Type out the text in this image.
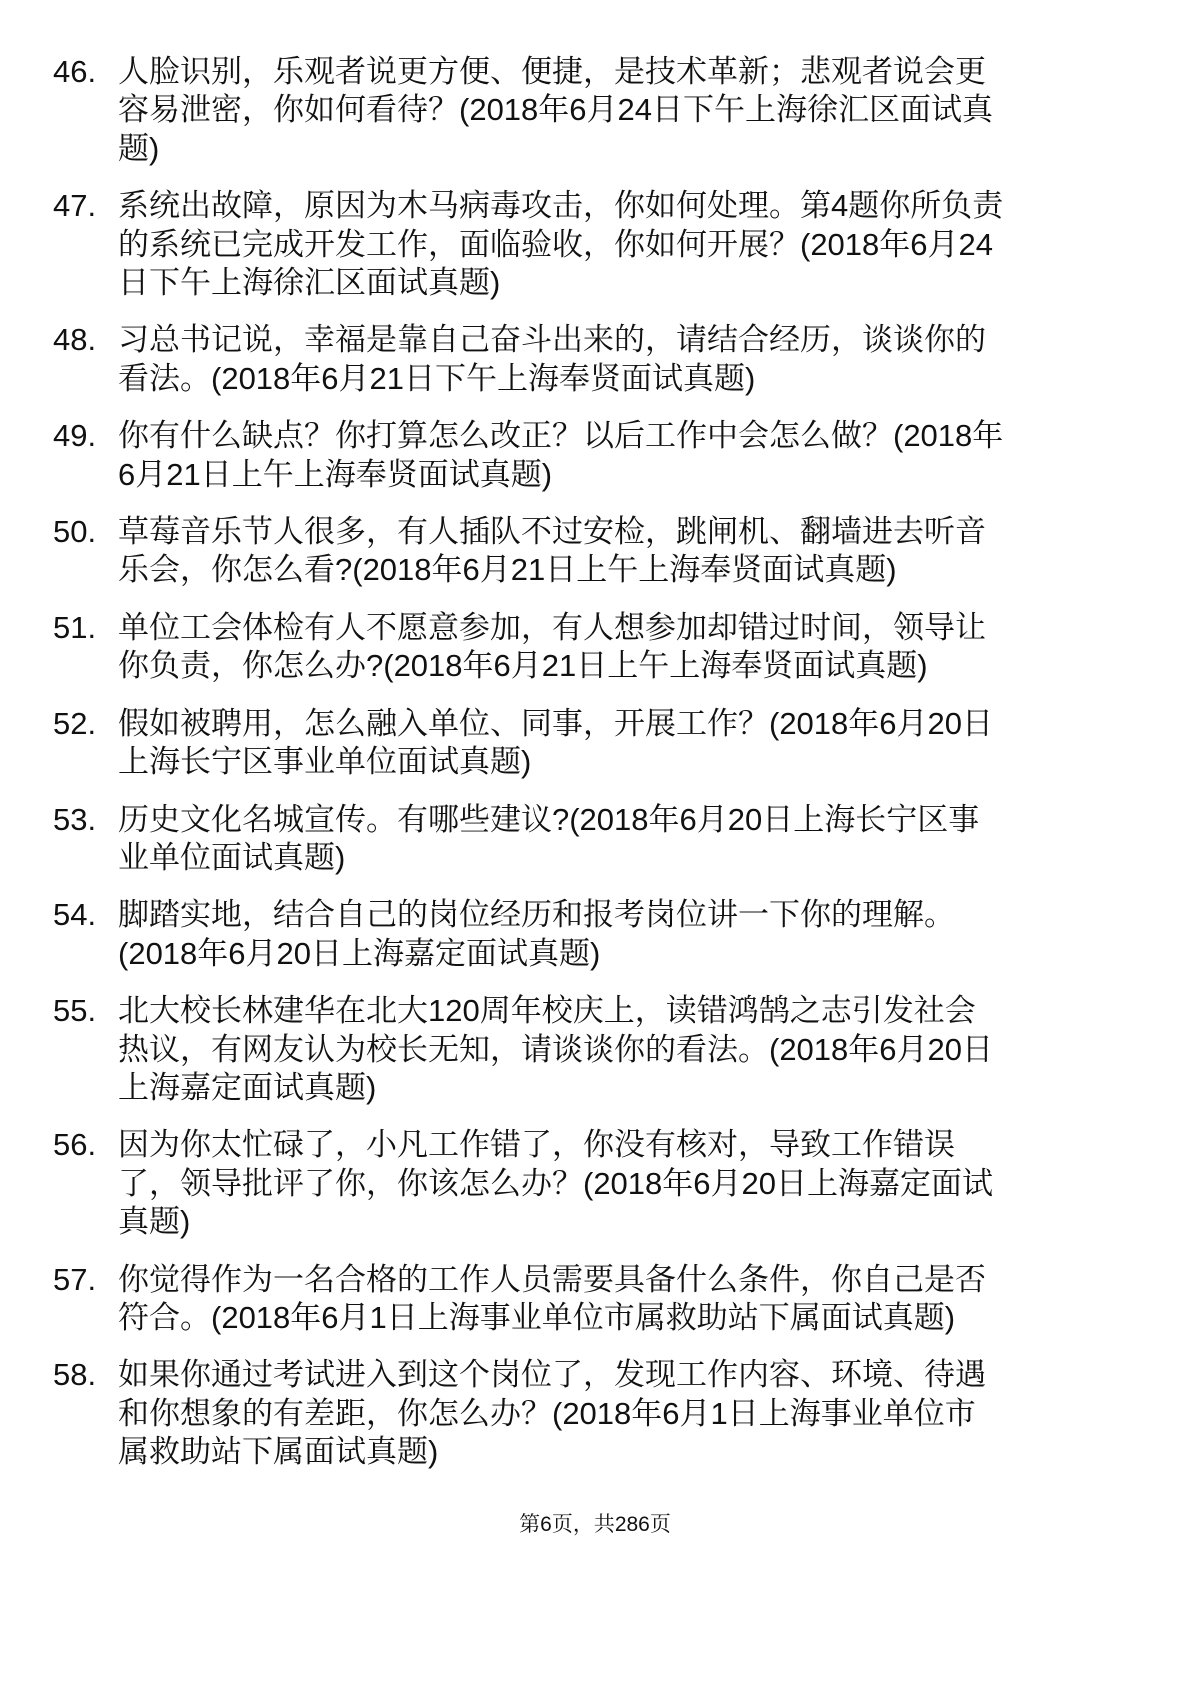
46. 人脸识别，乐观者说更方便、便捷，是技术革新；悲观者说会更
容易泄密，你如何看待？(2018年6月24日下午上海徐汇区面试真
题)
47. 系统出故障，原因为木马病毒攻击，你如何处理。第4题你所负责
的系统已完成开发工作，面临验收，你如何开展？(2018年6月24
日下午上海徐汇区面试真题)
48. 习总书记说，幸福是靠自己奋斗出来的，请结合经历，谈谈你的
看法。(2018年6月21日下午上海奉贤面试真题)
49. 你有什么缺点？你打算怎么改正？以后工作中会怎么做？(2018年
6月21日上午上海奉贤面试真题)
50. 草莓音乐节人很多，有人插队不过安检，跳闸机、翻墙进去听音
乐会，你怎么看?(2018年6月21日上午上海奉贤面试真题)
51. 单位工会体检有人不愿意参加，有人想参加却错过时间，领导让
你负责，你怎么办?(2018年6月21日上午上海奉贤面试真题)
52. 假如被聘用，怎么融入单位、同事，开展工作？(2018年6月20日
上海长宁区事业单位面试真题)
53. 历史文化名城宣传。有哪些建议?(2018年6月20日上海长宁区事
业单位面试真题)
54. 脚踏实地，结合自己的岗位经历和报考岗位讲一下你的理解。
(2018年6月20日上海嘉定面试真题)
55. 北大校长林建华在北大120周年校庆上，读错鸿鹄之志引发社会
热议，有网友认为校长无知，请谈谈你的看法。(2018年6月20日
上海嘉定面试真题)
56. 因为你太忙碌了，小凡工作错了，你没有核对，导致工作错误
了，领导批评了你，你该怎么办？(2018年6月20日上海嘉定面试
真题)
57. 你觉得作为一名合格的工作人员需要具备什么条件，你自己是否
符合。(2018年6月1日上海事业单位市属救助站下属面试真题)
58. 如果你通过考试进入到这个岗位了，发现工作内容、环境、待遇
和你想象的有差距，你怎么办？(2018年6月1日上海事业单位市
属救助站下属面试真题)
第6页，共286页
